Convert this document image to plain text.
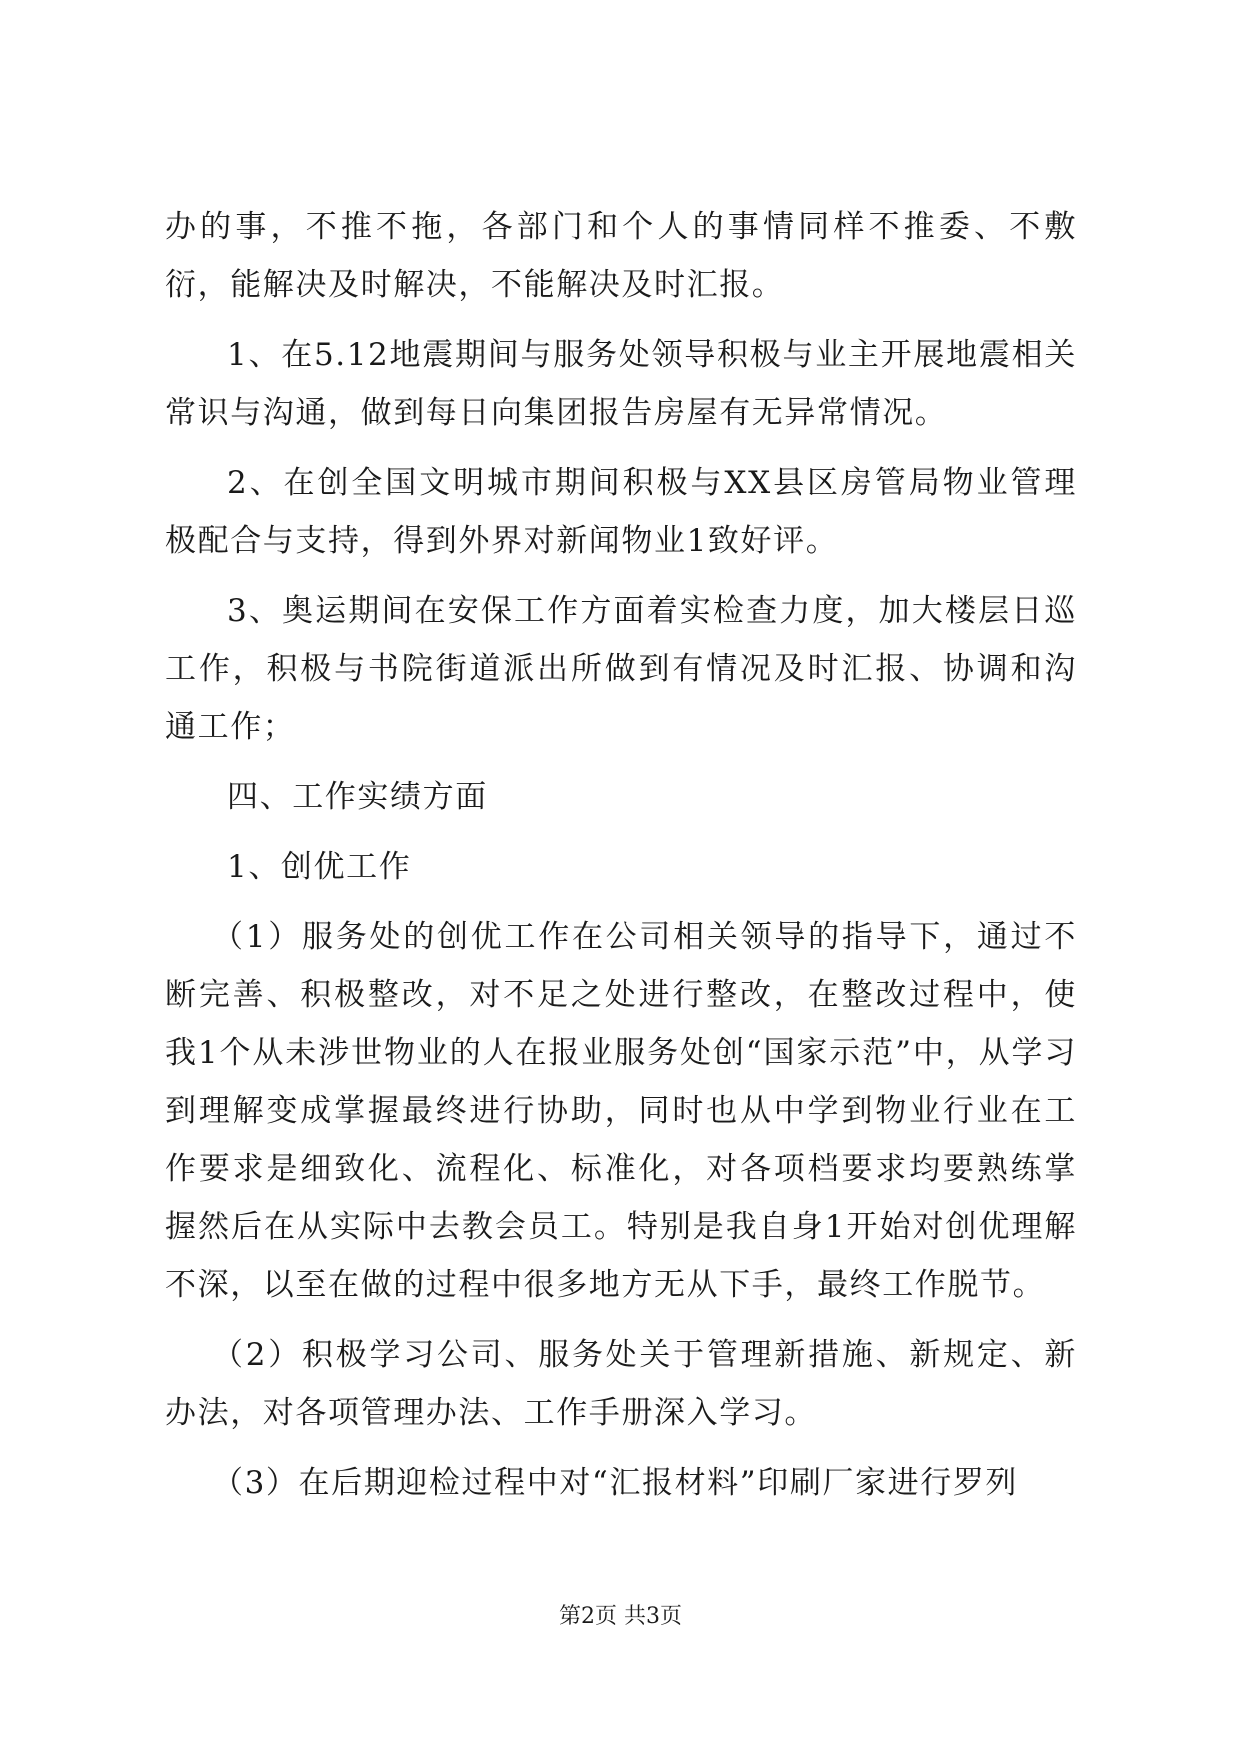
办的事，不推不拖，各部门和个人的事情同样不推委、不敷衍，能解决及时解决，不能解决及时汇报。

1、在5.12地震期间与服务处领导积极与业主开展地震相关常识与沟通，做到每日向集团报告房屋有无异常情况。

2、在创全国文明城市期间积极与XX县区房管局物业管理极配合与支持，得到外界对新闻物业1致好评。

3、奥运期间在安保工作方面着实检查力度，加大楼层日巡工作，积极与书院街道派出所做到有情况及时汇报、协调和沟通工作；

四、工作实绩方面

1、创优工作

（1）服务处的创优工作在公司相关领导的指导下，通过不断完善、积极整改，对不足之处进行整改，在整改过程中，使我1个从未涉世物业的人在报业服务处创“国家示范”中，从学习到理解变成掌握最终进行协助，同时也从中学到物业行业在工作要求是细致化、流程化、标准化，对各项档要求均要熟练掌握然后在从实际中去教会员工。特别是我自身1开始对创优理解不深，以至在做的过程中很多地方无从下手，最终工作脱节。

（2）积极学习公司、服务处关于管理新措施、新规定、新办法，对各项管理办法、工作手册深入学习。

（3）在后期迎检过程中对“汇报材料”印刷厂家进行罗列

第2页 共3页
